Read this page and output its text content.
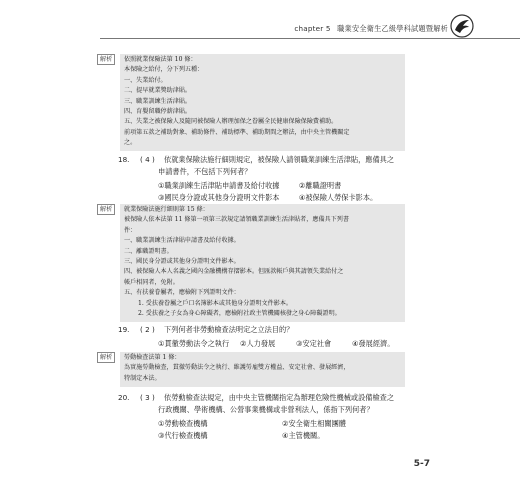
chapter 5 職業安全衛生乙級學科試題暨解析
解析	依照就業保險法第 10 條：
本保險之給付，分下列五種：
一、失業給付。
二、提早就業獎助津貼。
三、職業訓練生活津貼。
四、育嬰留職停薪津貼。
五、失業之被保險人及隨同被保險人辦理加保之眷屬全民健康保險保險費補助。
前項第五款之補助對象、補助條件、補助標準、補助期間之辦法，由中央主管機關定
之。
18. ( 4 ) 依就業保險法施行細則規定，被保險人請領職業訓練生活津貼，應備具之
申請書件，不包括下列何者？
①職業訓練生活津貼申請書及給付收據	②離職證明書
③國民身分證或其他身分證明文件影本	④被保險人勞保卡影本。
解析	就業保險法施行細則第 15 條：
被保險人依本法第 11 條第一項第三款規定請領職業訓練生活津貼者，應備具下列書
件：
一、職業訓練生活津貼申請書及給付收據。
二、離職證明書。
三、國民身分證或其他身分證明文件影本。
四、被保險人本人名義之國內金融機構存摺影本。但匯款帳戶與其請領失業給付之
帳戶相同者，免附。
五、有扶養眷屬者，應檢附下列證明文件：
1. 受扶養眷屬之戶口名簿影本或其他身分證明文件影本。
2. 受扶養之子女為身心障礙者，應檢附社政主管機關核發之身心障礙證明。
19. ( 2 ) 下列何者非勞動檢查法明定之立法目的？
①貫徹勞動法令之執行	②人力發展	③安定社會	④發展經濟。
解析	勞動檢查法第 1 條：
為實施勞動檢查，貫徹勞動法令之執行、維護勞雇雙方權益、安定社會、發展經濟，
特制定本法。
20. ( 3 ) 依勞動檢查法規定，由中央主管機關指定為辦理危險性機械或設備檢查之
行政機關、學術機構、公營事業機構或非營利法人，係指下列何者？
①勞動檢查機構	②安全衛生相關團體
③代行檢查機構	④主管機關。
5-7
